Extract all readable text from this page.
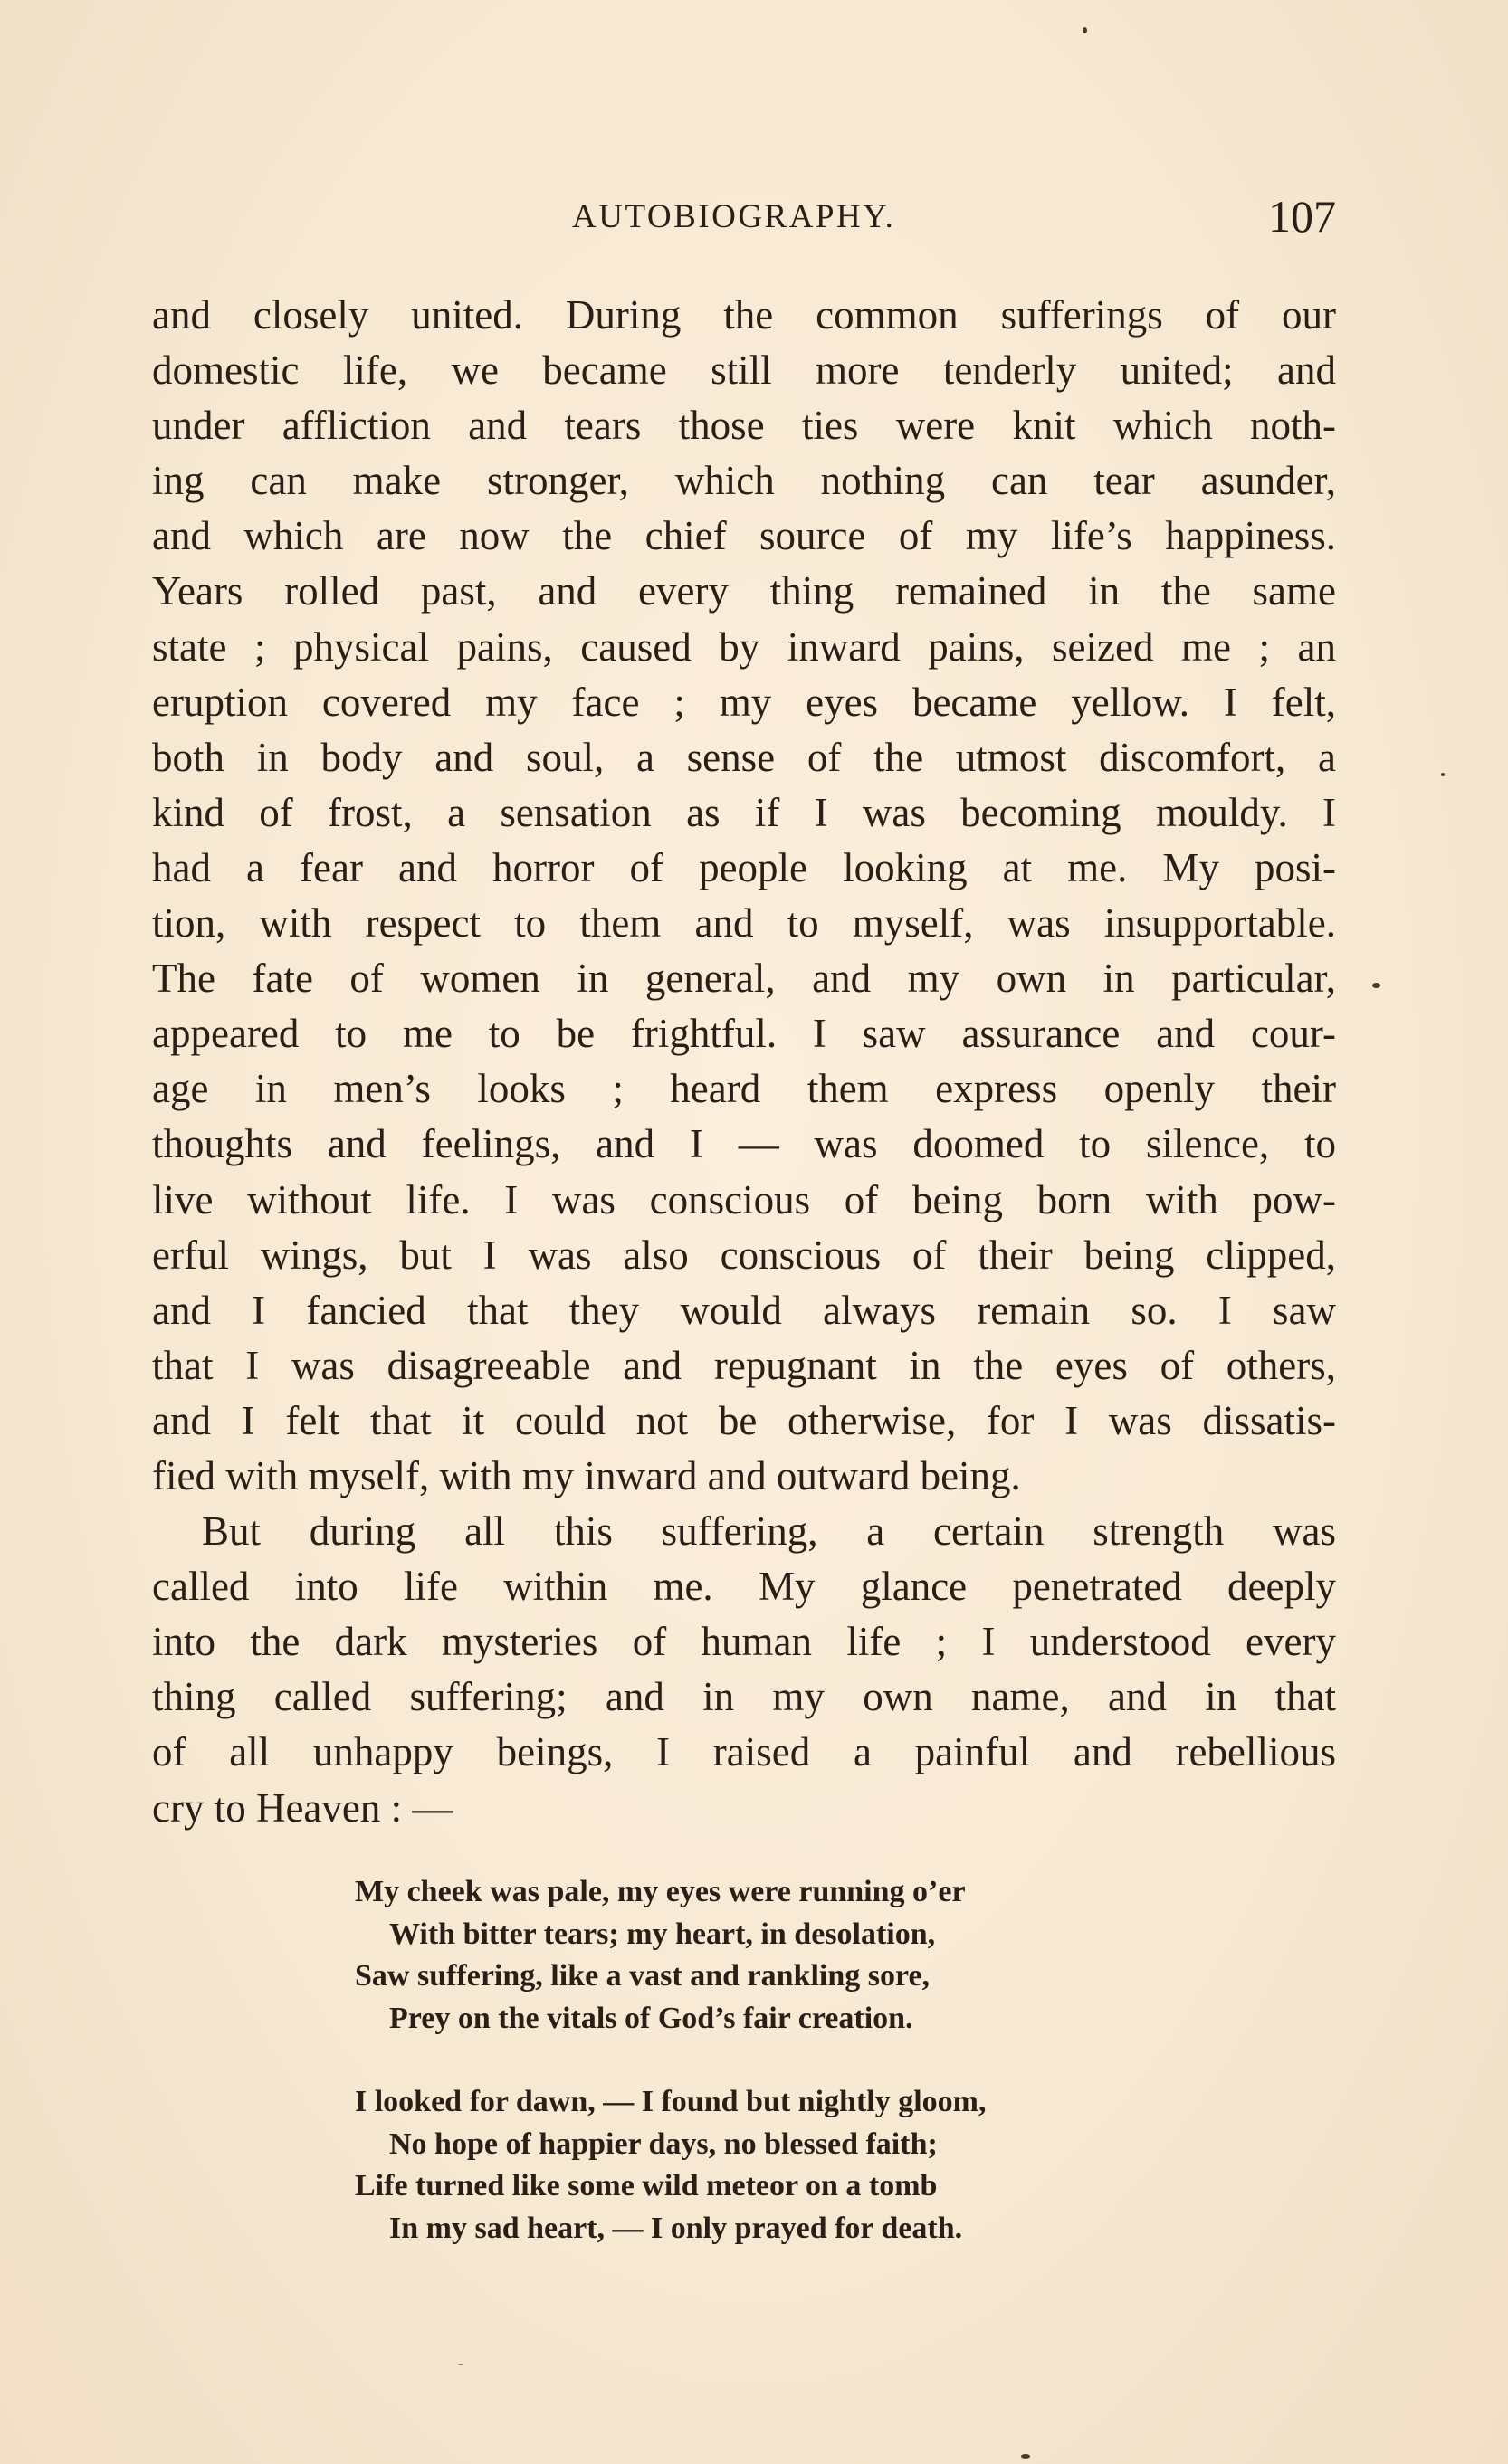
AUTOBIOGRAPHY.	107
and closely united. During the common sufferings of our
domestic life, we became still more tenderly united; and
under affliction and tears those ties were knit which noth-
ing can make stronger, which nothing can tear asunder,
and which are now the chief source of my life’s happiness.
Years rolled past, and every thing remained in the same
state ; physical pains, caused by inward pains, seized me ; an
eruption covered my face ; my eyes became yellow. I felt,
both in body and soul, a sense of the utmost discomfort, a
kind of frost, a sensation as if I was becoming mouldy. I
had a fear and horror of people looking at me. My posi-
tion, with respect to them and to myself, was insupportable.
The fate of women in general, and my own in particular,
appeared to me to be frightful. I saw assurance and cour-
age in men’s looks ; heard them express openly their
thoughts and feelings, and I — was doomed to silence, to
live without life. I was conscious of being born with pow-
erful wings, but I was also conscious of their being clipped,
and I fancied that they would always remain so. I saw
that I was disagreeable and repugnant in the eyes of others,
and I felt that it could not be otherwise, for I was dissatis-
fied with myself, with my inward and outward being.
But during all this suffering, a certain strength was
called into life within me. My glance penetrated deeply
into the dark mysteries of human life ; I understood every
thing called suffering; and in my own name, and in that
of all unhappy beings, I raised a painful and rebellious
cry to Heaven : —
My cheek was pale, my eyes were running o’er
With bitter tears; my heart, in desolation,
Saw suffering, like a vast and rankling sore,
Prey on the vitals of God’s fair creation.
I looked for dawn, — I found but nightly gloom,
No hope of happier days, no blessed faith;
Life turned like some wild meteor on a tomb
In my sad heart, — I only prayed for death.
